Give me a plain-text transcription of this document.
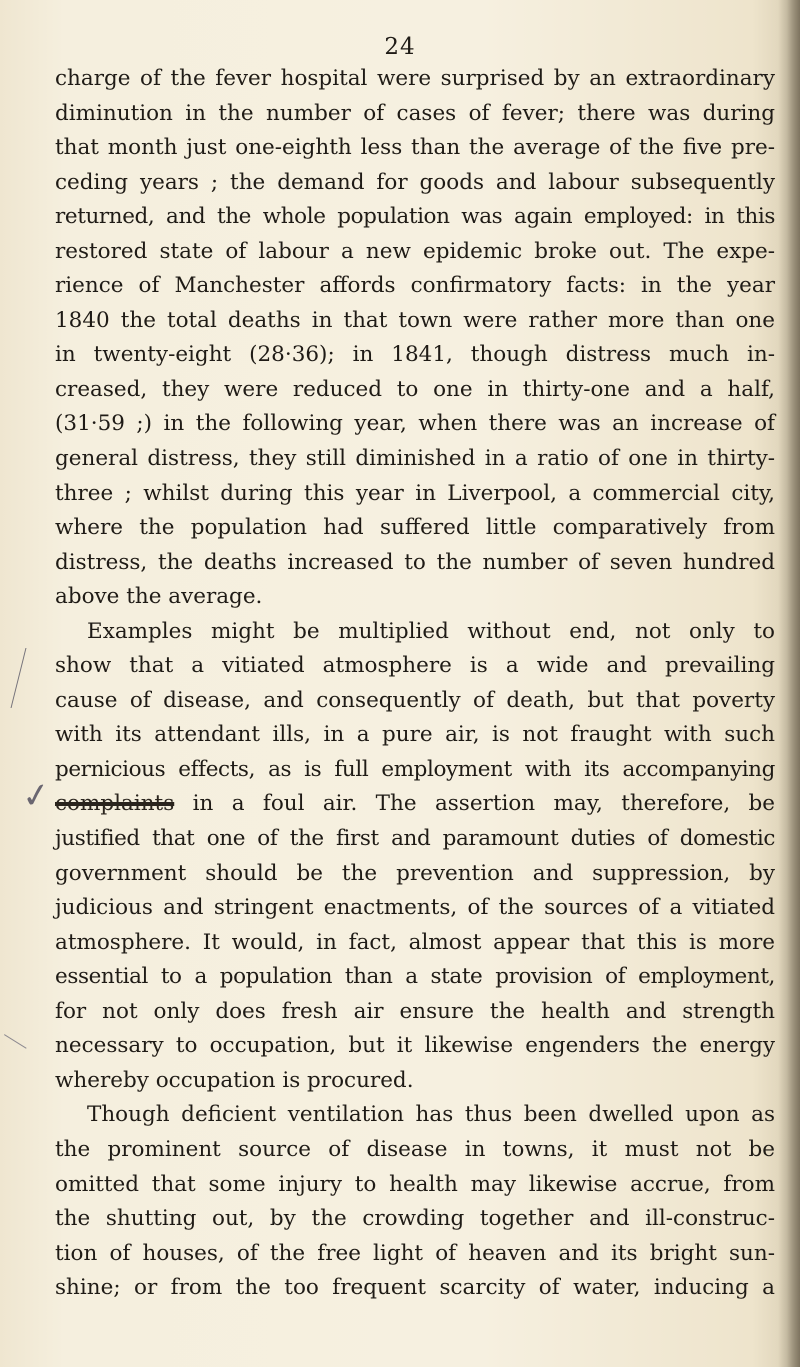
24
✓
charge of the fever hospital were surprised by an extraordinary
diminution in the number of cases of fever; there was during
that month just one-eighth less than the average of the five pre-
ceding years ; the demand for goods and labour subsequently
returned, and the whole population was again employed: in this
restored state of labour a new epidemic broke out. The expe-
rience of Manchester affords confirmatory facts: in the year
1840 the total deaths in that town were rather more than one
in twenty-eight (28·36); in 1841, though distress much in-
creased, they were reduced to one in thirty-one and a half,
(31·59 ;) in the following year, when there was an increase of
general distress, they still diminished in a ratio of one in thirty-
three ; whilst during this year in Liverpool, a commercial city,
where the population had suffered little comparatively from
distress, the deaths increased to the number of seven hundred
above the average.
Examples might be multiplied without end, not only to
show that a vitiated atmosphere is a wide and prevailing
cause of disease, and consequently of death, but that poverty
with its attendant ills, in a pure air, is not fraught with such
pernicious effects, as is full employment with its accompanying
complaints in a foul air. The assertion may, therefore, be
justified that one of the first and paramount duties of domestic
government should be the prevention and suppression, by
judicious and stringent enactments, of the sources of a vitiated
atmosphere. It would, in fact, almost appear that this is more
essential to a population than a state provision of employment,
for not only does fresh air ensure the health and strength
necessary to occupation, but it likewise engenders the energy
whereby occupation is procured.
Though deficient ventilation has thus been dwelled upon as
the prominent source of disease in towns, it must not be
omitted that some injury to health may likewise accrue, from
the shutting out, by the crowding together and ill-construc-
tion of houses, of the free light of heaven and its bright sun-
shine; or from the too frequent scarcity of water, inducing a
